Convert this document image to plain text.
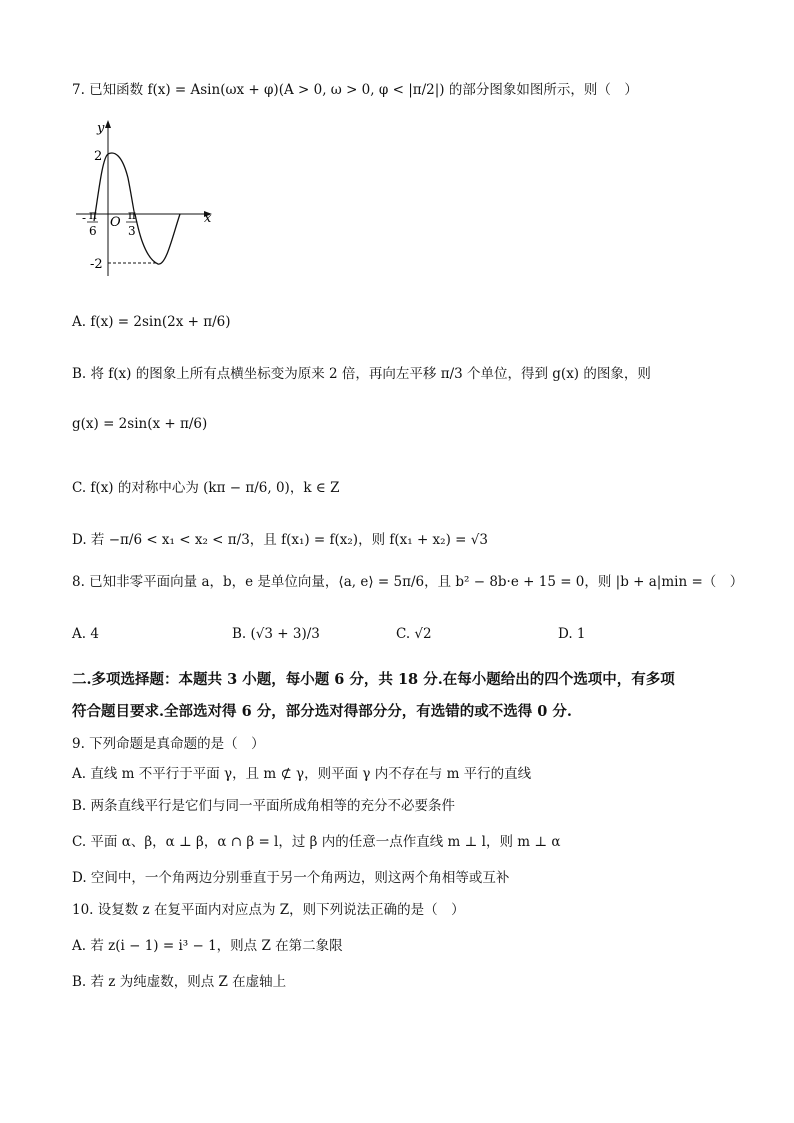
7. 已知函数 f(x) = Asin(ωx + φ)(A > 0, ω > 0, φ < |π/2|) 的部分图象如图所示，则（　）
y
x
2
-2
O
- π
6
π
3
A. f(x) = 2sin(2x + π/6)
B. 将 f(x) 的图象上所有点横坐标变为原来 2 倍，再向左平移 π/3 个单位，得到 g(x) 的图象，则
g(x) = 2sin(x + π/6)
C. f(x) 的对称中心为 (kπ − π/6, 0)，k ∈ Z
D. 若 −π/6 < x₁ < x₂ < π/3，且 f(x₁) = f(x₂)，则 f(x₁ + x₂) = √3
8. 已知非零平面向量 a，b，e 是单位向量，⟨a, e⟩ = 5π/6，且 b² − 8b·e + 15 = 0，则 |b + a|min =（　）
A. 4	B. (√3 + 3)/3	C. √2	D. 1
二.多项选择题：本题共 3 小题，每小题 6 分，共 18 分.在每小题给出的四个选项中，有多项
符合题目要求.全部选对得 6 分，部分选对得部分分，有选错的或不选得 0 分.
9. 下列命题是真命题的是（　）
A. 直线 m 不平行于平面 γ，且 m ⊄ γ，则平面 γ 内不存在与 m 平行的直线
B. 两条直线平行是它们与同一平面所成角相等的充分不必要条件
C. 平面 α、β，α ⊥ β，α ∩ β = l，过 β 内的任意一点作直线 m ⊥ l，则 m ⊥ α
D. 空间中，一个角两边分别垂直于另一个角两边，则这两个角相等或互补
10. 设复数 z 在复平面内对应点为 Z，则下列说法正确的是（　）
A. 若 z(i − 1) = i³ − 1，则点 Z 在第二象限
B. 若 z 为纯虚数，则点 Z 在虚轴上
